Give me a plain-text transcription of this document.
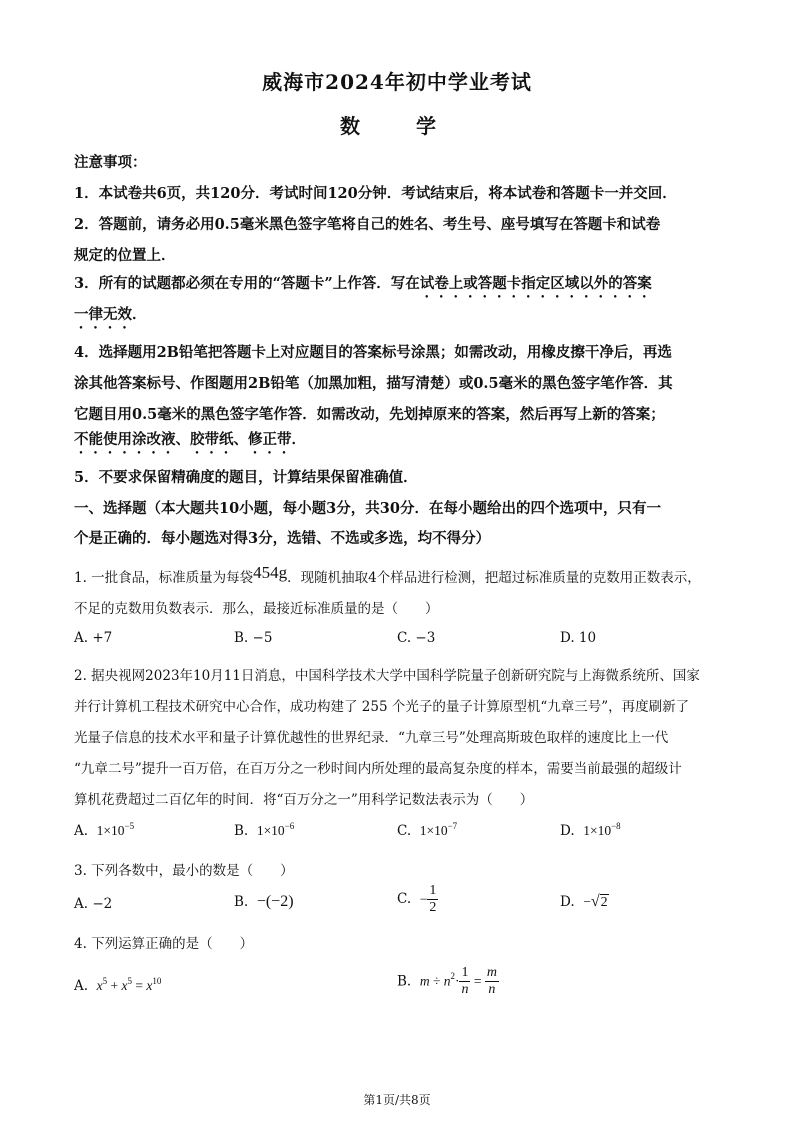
威海市2024年初中学业考试
数　学
注意事项：
1．本试卷共6页，共120分．考试时间120分钟．考试结束后，将本试卷和答题卡一并交回．
2．答题前，请务必用0.5毫米黑色签字笔将自己的姓名、考生号、座号填写在答题卡和试卷
规定的位置上．
3．所有的试题都必须在专用的“答题卡”上作答．写在试卷上或答题卡指定区域以外的答案
一律无效．
4．选择题用2B铅笔把答题卡上对应题目的答案标号涂黑；如需改动，用橡皮擦干净后，再选
涂其他答案标号、作图题用2B铅笔（加黑加粗，描写清楚）或0.5毫米的黑色签字笔作答．其
它题目用0.5毫米的黑色签字笔作答．如需改动，先划掉原来的答案，然后再写上新的答案；
不能使用涂改液、胶带纸、修正带．
5．不要求保留精确度的题目，计算结果保留准确值．
一、选择题（本大题共10小题，每小题3分，共30分．在每小题给出的四个选项中，只有一
个是正确的．每小题选对得3分，选错、不选或多选，均不得分）
1. 一批食品，标准质量为每袋454g．现随机抽取4个样品进行检测，把超过标准质量的克数用正数表示，
不足的克数用负数表示．那么，最接近标准质量的是（　　）
A. +7	B. −5	C. −3	D. 10
2. 据央视网2023年10月11日消息，中国科学技术大学中国科学院量子创新研究院与上海微系统所、国家
并行计算机工程技术研究中心合作，成功构建了 255 个光子的量子计算原型机“九章三号”，再度刷新了
光量子信息的技术水平和量子计算优越性的世界纪录．“九章三号”处理高斯玻色取样的速度比上一代
“九章二号”提升一百万倍，在百万分之一秒时间内所处理的最高复杂度的样本，需要当前最强的超级计
算机花费超过二百亿年的时间．将“百万分之一”用科学记数法表示为（　　）
A. $1\times 10^{-5}$	B. $1\times 10^{-6}$	C. $1\times 10^{-7}$	D. $1\times 10^{-8}$
3. 下列各数中，最小的数是（　　）
A. −2	B. −(−2)	C. − $\frac{1}{2}$	D. −√2
4. 下列运算正确的是（　　）
A. $x^5 + x^5 = x^{10}$	B. $m \div n^2\cdot \frac{1}{n} = \frac{m}{n}$
第1页/共8页
